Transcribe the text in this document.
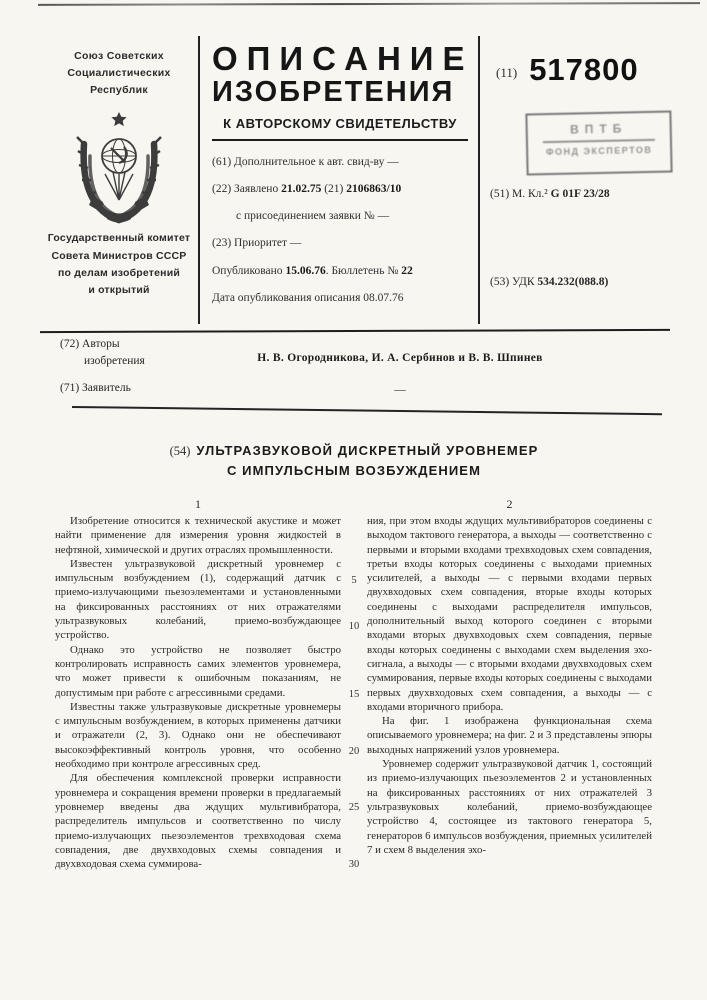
Союз Советских
Социалистических
Республик
Государственный комитет
Совета Министров СССР
по делам изобретений
и открытий
ОПИСАНИЕ
ИЗОБРЕТЕНИЯ
К АВТОРСКОМУ СВИДЕТЕЛЬСТВУ
(61) Дополнительное к авт. свид-ву —
(22) Заявлено 21.02.75 (21) 2106863/10
с присоединением заявки № —
(23) Приоритет —
Опубликовано 15.06.76. Бюллетень № 22
Дата опубликования описания 08.07.76
(11) 517800
ВПТБ
ФОНД ЭКСПЕРТОВ
(51) М. Кл.² G 01F 23/28
(53) УДК 534.232(088.8)
(72) Авторы
изобретения	Н. В. Огородникова, И. А. Сербинов и В. В. Шпинев
(71) Заявитель	—
(54) УЛЬТРАЗВУКОВОЙ ДИСКРЕТНЫЙ УРОВНЕМЕР
С ИМПУЛЬСНЫМ ВОЗБУЖДЕНИЕМ
1	2

Изобретение относится к технической акустике и может найти применение для измерения уровня жидкостей в нефтяной, химической и других отраслях промышленности.

Известен ультразвуковой дискретный уровнемер с импульсным возбуждением (1), содержащий датчик с приемо-излучающими пьезоэлементами и установленными на фиксированных расстояниях от них отражателями ультразвуковых колебаний, приемо-возбуждающее устройство.

Однако это устройство не позволяет быстро контролировать исправность самих элементов уровнемера, что может привести к ошибочным показаниям, не допустимым при работе с агрессивными средами.

Известны также ультразвуковые дискретные уровнемеры с импульсным возбуждением, в которых применены датчики и отражатели (2, 3). Однако они не обеспечивают высокоэффективный контроль уровня, что особенно необходимо при контроле агрессивных сред.

Для обеспечения комплексной проверки исправности уровнемера и сокращения времени проверки в предлагаемый уровнемер введены два ждущих мультивибратора, распределитель импульсов и соответственно по числу приемо-излучающих пьезоэлементов трехвходовая схема совпадения, две двухвходовых схемы совпадения и двухвходовая схема суммирова-

ния, при этом входы ждущих мультивибраторов соединены с выходом тактового генератора, а выходы — соответственно с первыми и вторыми входами трехвходовых схем совпадения, третьи входы которых соединены с выходами приемных усилителей, а выходы — с первыми входами первых двухвходовых схем совпадения, вторые входы которых соединены с выходами распределителя импульсов, дополнительный выход которого соединен с вторыми входами вторых двухвходовых схем совпадения, первые входы которых соединены с выходами схем выделения эхо-сигнала, а выходы — с вторыми входами двухвходовых схем суммирования, первые входы которых соединены с выходами первых двухвходовых схем совпадения, а выходы — с входами вторичного прибора.

На фиг. 1 изображена функциональная схема описываемого уровнемера; на фиг. 2 и 3 представлены эпюры выходных напряжений узлов уровнемера.

Уровнемер содержит ультразвуковой датчик 1, состоящий из приемо-излучающих пьезоэлементов 2 и установленных на фиксированных расстояниях от них отражателей 3 ультразвуковых колебаний, приемо-возбуждающее устройство 4, состоящее из тактового генератора 5, генераторов 6 импульсов возбуждения, приемных усилителей 7 и схем 8 выделения эхо-

5
10
15
20
25
30
